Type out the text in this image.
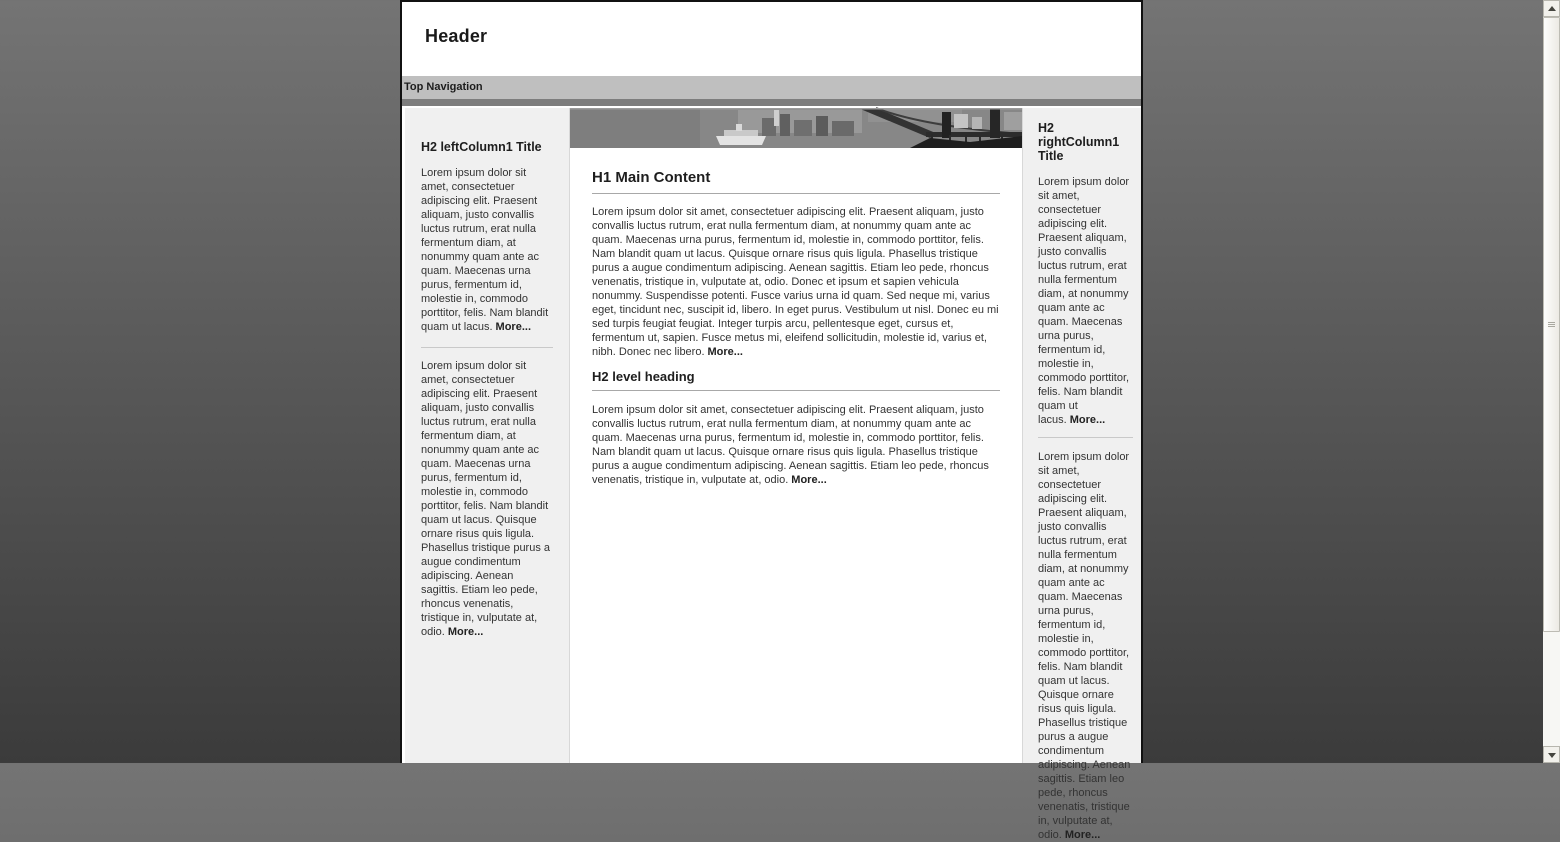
Header
Top Navigation
H2 leftColumn1 Title

Lorem ipsum dolor sit amet, consectetuer adipiscing elit. Praesent aliquam, justo convallis luctus rutrum, erat nulla fermentum diam, at nonummy quam ante ac quam. Maecenas urna purus, fermentum id, molestie in, commodo porttitor, felis. Nam blandit quam ut lacus. More...

Lorem ipsum dolor sit amet, consectetuer adipiscing elit. Praesent aliquam, justo convallis luctus rutrum, erat nulla fermentum diam, at nonummy quam ante ac quam. Maecenas urna purus, fermentum id, molestie in, commodo porttitor, felis. Nam blandit quam ut lacus. Quisque ornare risus quis ligula. Phasellus tristique purus a augue condimentum adipiscing. Aenean sagittis. Etiam leo pede, rhoncus venenatis, tristique in, vulputate at, odio. More...

H1 Main Content

Lorem ipsum dolor sit amet, consectetuer adipiscing elit. Praesent aliquam, justo convallis luctus rutrum, erat nulla fermentum diam, at nonummy quam ante ac quam. Maecenas urna purus, fermentum id, molestie in, commodo porttitor, felis. Nam blandit quam ut lacus. Quisque ornare risus quis ligula. Phasellus tristique purus a augue condimentum adipiscing. Aenean sagittis. Etiam leo pede, rhoncus venenatis, tristique in, vulputate at, odio. Donec et ipsum et sapien vehicula nonummy. Suspendisse potenti. Fusce varius urna id quam. Sed neque mi, varius eget, tincidunt nec, suscipit id, libero. In eget purus. Vestibulum ut nisl. Donec eu mi sed turpis feugiat feugiat. Integer turpis arcu, pellentesque eget, cursus et, fermentum ut, sapien. Fusce metus mi, eleifend sollicitudin, molestie id, varius et, nibh. Donec nec libero. More...

H2 level heading

Lorem ipsum dolor sit amet, consectetuer adipiscing elit. Praesent aliquam, justo convallis luctus rutrum, erat nulla fermentum diam, at nonummy quam ante ac quam. Maecenas urna purus, fermentum id, molestie in, commodo porttitor, felis. Nam blandit quam ut lacus. Quisque ornare risus quis ligula. Phasellus tristique purus a augue condimentum adipiscing. Aenean sagittis. Etiam leo pede, rhoncus venenatis, tristique in, vulputate at, odio. More...

H2 rightColumn1 Title

Lorem ipsum dolor sit amet, consectetuer adipiscing elit. Praesent aliquam, justo convallis luctus rutrum, erat nulla fermentum diam, at nonummy quam ante ac quam. Maecenas urna purus, fermentum id, molestie in, commodo porttitor, felis. Nam blandit quam ut lacus. More...

Lorem ipsum dolor sit amet, consectetuer adipiscing elit. Praesent aliquam, justo convallis luctus rutrum, erat nulla fermentum diam, at nonummy quam ante ac quam. Maecenas urna purus, fermentum id, molestie in, commodo porttitor, felis. Nam blandit quam ut lacus. Quisque ornare risus quis ligula. Phasellus tristique purus a augue condimentum adipiscing. Aenean sagittis. Etiam leo pede, rhoncus venenatis, tristique in, vulputate at, odio. More...
